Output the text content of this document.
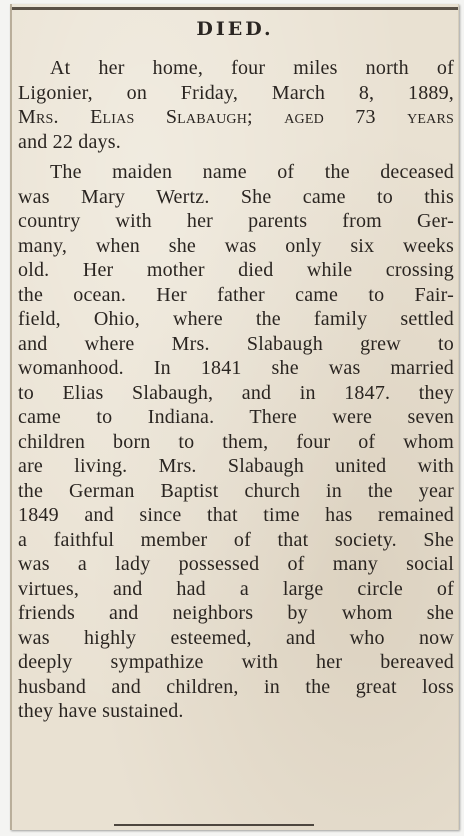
DIED.
At her home, four miles north of
Ligonier, on Friday, March 8, 1889,
Mrs. Elias Slabaugh; aged 73 years
and 22 days.
The maiden name of the deceased
was Mary Wertz. She came to this
country with her parents from Ger-
many, when she was only six weeks
old. Her mother died while crossing
the ocean. Her father came to Fair-
field, Ohio, where the family settled
and where Mrs. Slabaugh grew to
womanhood. In 1841 she was married
to Elias Slabaugh, and in 1847. they
came to Indiana. There were seven
children born to them, four of whom
are living. Mrs. Slabaugh united with
the German Baptist church in the year
1849 and since that time has remained
a faithful member of that society. She
was a lady possessed of many social
virtues, and had a large circle of
friends and neighbors by whom she
was highly esteemed, and who now
deeply sympathize with her bereaved
husband and children, in the great loss
they have sustained.
